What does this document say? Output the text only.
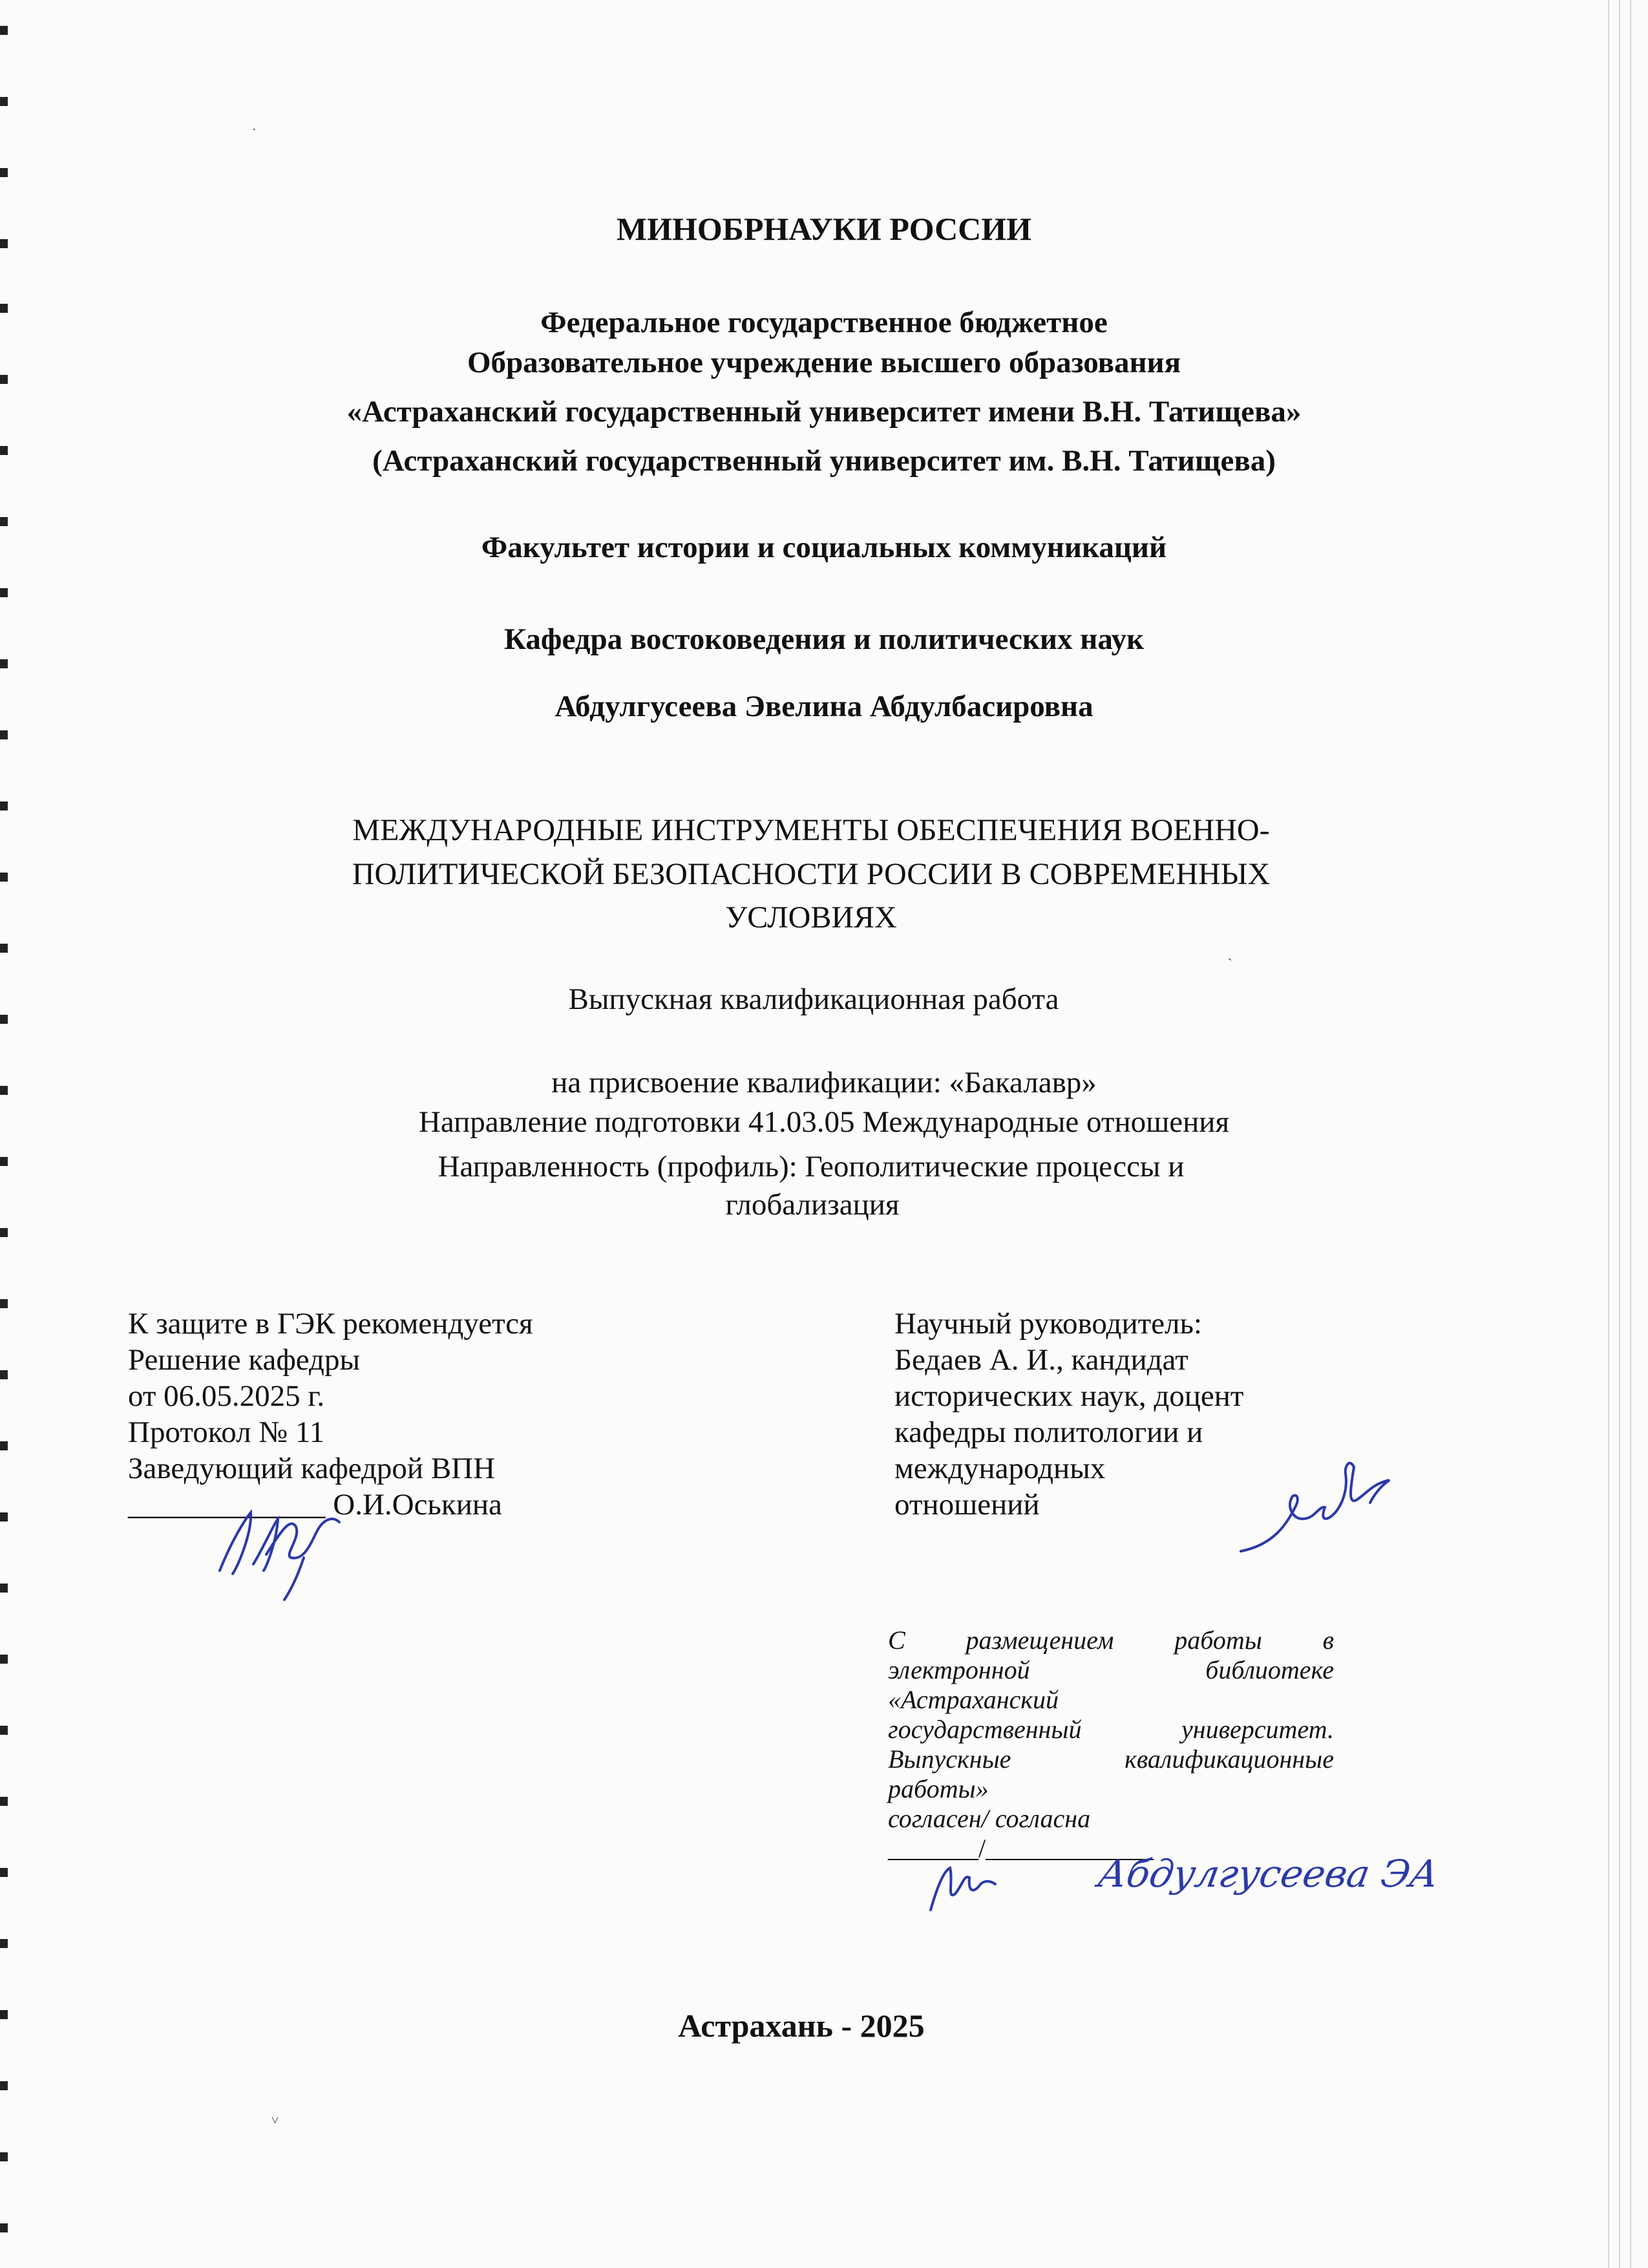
МИНОБРНАУКИ РОССИИ
Федеральное государственное бюджетное
Образовательное учреждение высшего образования
«Астраханский государственный университет имени В.Н. Татищева»
(Астраханский государственный университет им. В.Н. Татищева)
Факультет истории и социальных коммуникаций
Кафедра востоковедения и политических наук
Абдулгусеева Эвелина Абдулбасировна
МЕЖДУНАРОДНЫЕ ИНСТРУМЕНТЫ ОБЕСПЕЧЕНИЯ ВОЕННО-
ПОЛИТИЧЕСКОЙ БЕЗОПАСНОСТИ РОССИИ В СОВРЕМЕННЫХ
УСЛОВИЯХ
Выпускная квалификационная работа
на присвоение квалификации: «Бакалавр»
Направление подготовки 41.03.05 Международные отношения
Направленность (профиль): Геополитические процессы и
глобализация
К защите в ГЭК рекомендуется
Решение кафедры
от 06.05.2025 г.
Протокол № 11
Заведующий кафедрой ВПН
_____________ О.И.Оськина
Научный руководитель:
Бедаев А. И., кандидат
исторических наук, доцент
кафедры политологии и
международных
отношений
С размещением работы в
электронной библиотеке
«Астраханский
государственный университет.
Выпускные квалификационные
работы»
согласен/ согласна
_______/_____________
Абдулгусеева ЭА
Астрахань - 2025
·
ˋ
˅
